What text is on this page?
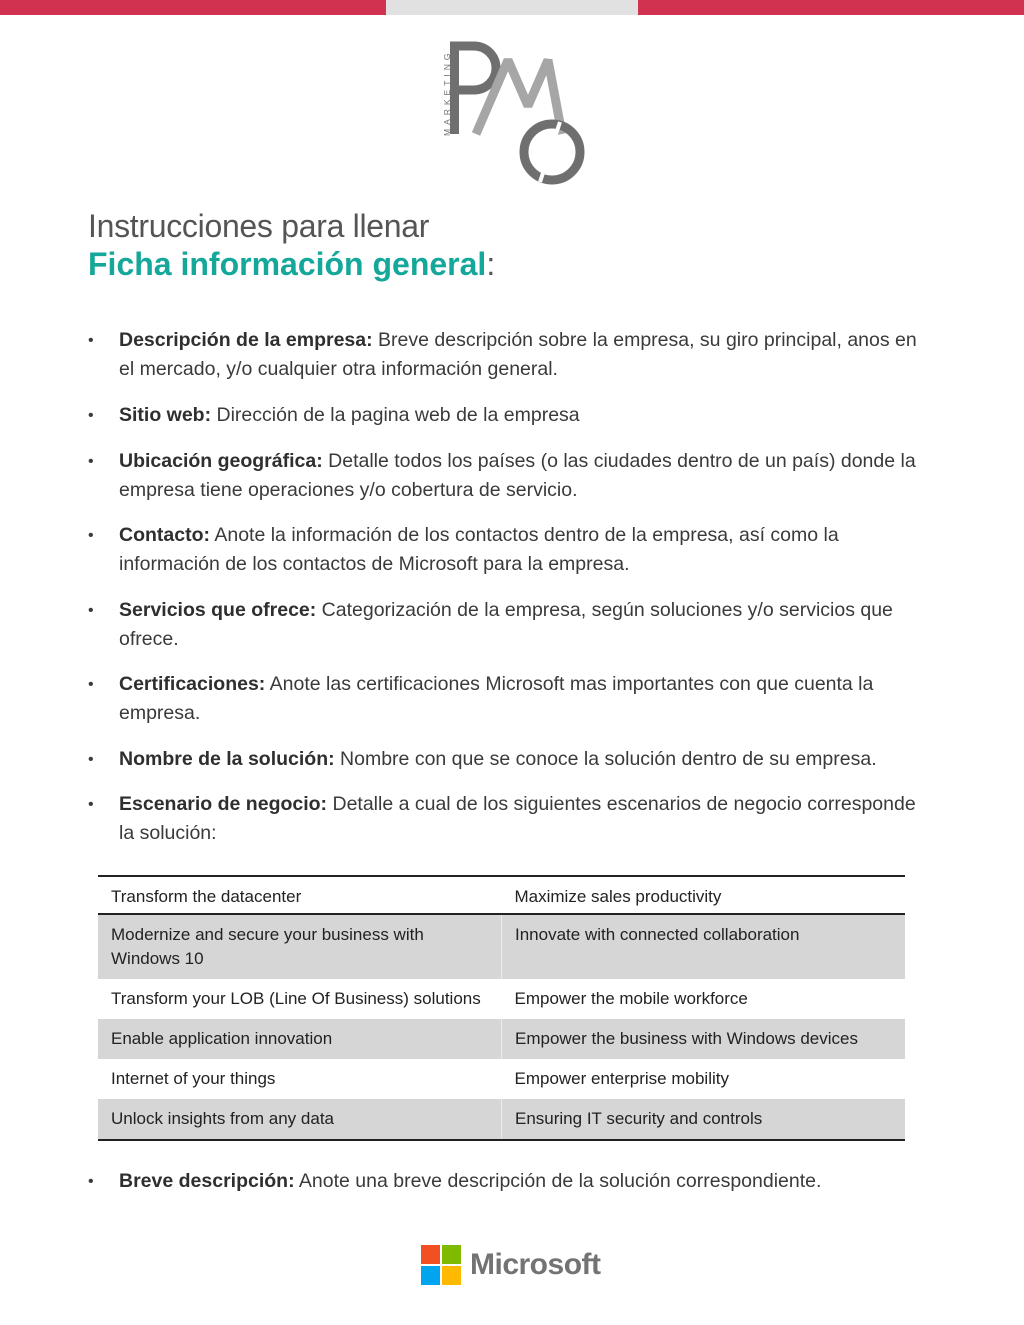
MARKETING
Instrucciones para llenar
Ficha información general:
• Descripción de la empresa: Breve descripción sobre la empresa, su giro principal, anos en el mercado, y/o cualquier otra información general.
• Sitio web: Dirección de la pagina web de la empresa
• Ubicación geográfica: Detalle todos los países (o las ciudades dentro de un país) donde la empresa tiene operaciones y/o cobertura de servicio.
• Contacto: Anote la información de los contactos dentro de la empresa, así como la información de los contactos de Microsoft para la empresa.
• Servicios que ofrece: Categorización de la empresa, según soluciones y/o servicios que ofrece.
• Certificaciones: Anote las certificaciones Microsoft mas importantes con que cuenta la empresa.
• Nombre de la solución: Nombre con que se conoce la solución dentro de su empresa.
• Escenario de negocio: Detalle a cual de los siguientes escenarios de negocio corresponde la solución:
Transform the datacenter	Maximize sales productivity
Modernize and secure your business with Windows 10	Innovate with connected collaboration
Transform your LOB (Line Of Business) solutions	Empower the mobile workforce
Enable application innovation	Empower the business with Windows devices
Internet of your things	Empower enterprise mobility
Unlock insights from any data	Ensuring IT security and controls
• Breve descripción: Anote una breve descripción de la solución correspondiente.
Microsoft
